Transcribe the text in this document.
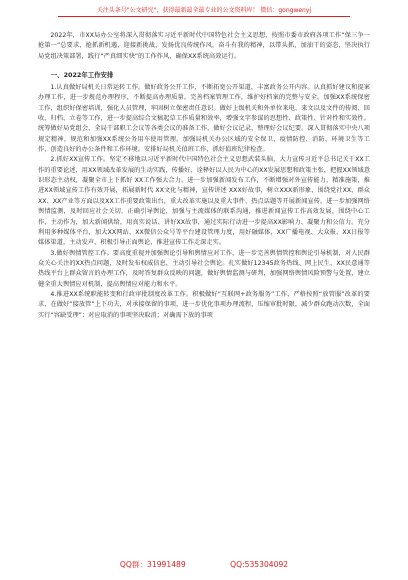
关注头条号"公文研究"，获得最新最全最专业的公文资料库！ 微信：gongwenyj

2022年，市XX局办公室将深入贯彻落实习近平新时代中国特色社会主义思想，按照市委市政府各项工作“保三争一抢第一”总要求，抢抓新机遇，迎接新挑战，发扬优良传统作风，奋斗有我的精神，以带头抓，加油干的姿态，坚决执行局党组决策部署，践行“严真细实快”的工作作风，确保XX系统高效运行。

一、2022年工作安排

1.认真做好局机关日常运转工作。做好政务公开工作，不断拓宽公开渠道，丰富政务公开内容。认真抓好建议和提案办理工作，进一步规范办理程序，不断提高办理质量。完善档案管理工作，维护好档案的完整与安全。加强XX系统保密工作，组织好保密培训，强化人员管理，牢固树立保密责任意识。做好上级机关和外单位来电、来文以及文件的传阅、回收、归档、立卷等工作，进一步提高综合文稿起草工作质量和效率，增强文字参谋的思想性、政策性、针对性和实效性。统筹做好局党组会、全局干部职工会议等各类会议的准备工作，做好会议记录、整理好会议纪要。深入贯彻落实中央八项规定精神，规范和加强XX系统公务用车使用管理。加强局机关办公区域的安全保卫、疫情防控、消防、环境卫生等工作，创造良好的办公条件和工作环境。安排好局机关值班工作，抓好值班纪律检查。

2.抓好XX宣传工作。坚定不移地以习近平新时代中国特色社会主义思想武装头脑，大力宣传习近平总书记关于XX工作的重要论述，用XX领域改革发展的生动实践，传播好、诠释好以人民为中心的XX发展思想和政策主张，把握XX领域意识形态主动权，凝聚全市上下抓好 XX工作强大合力。进一步加强新闻发布工作，不断增强对外宣传能力，精准施策，推进XX领域宣传工作有效开展，拓展新时代 XX文化与精神，宣传讲述 XXX好故事，树立XXX新形象，围绕党社XX、群众XX、XX产业等方面以及XX工作重要政策出台，重大改革实施以及重大事件、热点话题等开展新闻宣传。进一步加强网络舆情监测，及时回应社会关切，正确引导舆论，加强与主流媒体的联系沟通，推进新闻宣传工作高效发展，围绕中心工作，主动作为，加大新闻供给，用真实说话、讲好XX故事，通过实际行动进一步提高XX影响力、凝聚力和公信力。充分利用多种媒体平台，加大XX网站、XX微信公众号等平台建设管理力度，用好融媒体，XX广播电视、大众报、XX日报等媒体渠道，主动发声，积极引导正面舆论，推进宣传工作走深走实。

3.做好舆情管控工作。要高度重视并加强舆论引导和舆情应对工作，进一步完善舆情管控和舆论引导机制，对人民群众关心关注的XX热点问题，及时发布权威信息，主动引导社会舆论。扎实做好12345政务热线、网上民生、XX民意通等热线平台上群众留言的办理工作，及时答复群众反映的问题，做好舆情监测与研判，加强网络舆情风险预警与处置，建立健全重大舆情应对机制，提高舆情应对能力和水平。

4.推进XX系统职能转变和行政审批制度改革工作。积极做好“互联网+政务服务”工作，严格按照“放管服”改革的要求，在做好“接放管”上下功夫，对承接保留的事项，进一步优化事项办理流程，压缩审批时限，减少群众跑动次数，全面实行“容缺受理”；对应取消的事项坚决取消；对确需下放的事项

QQ群：31991489	QQ:535304092
